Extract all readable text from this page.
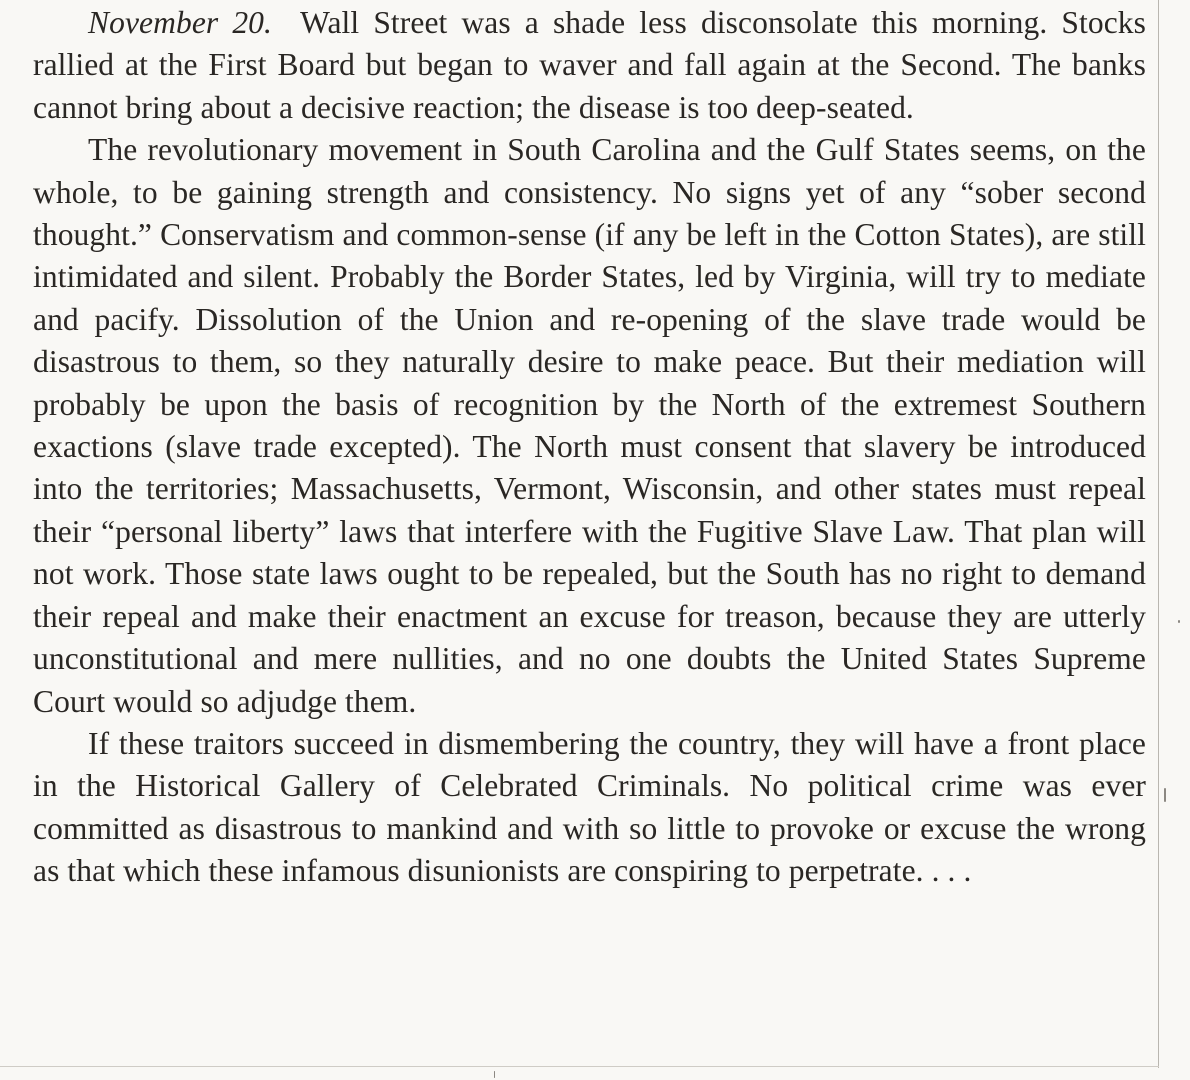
November 20. Wall Street was a shade less disconsolate this morning. Stocks rallied at the First Board but began to waver and fall again at the Second. The banks cannot bring about a decisive reaction; the disease is too deep-seated.

The revolutionary movement in South Carolina and the Gulf States seems, on the whole, to be gaining strength and consistency. No signs yet of any “sober second thought.” Conservatism and common-sense (if any be left in the Cotton States), are still intimidated and silent. Probably the Border States, led by Virginia, will try to mediate and pacify. Dissolution of the Union and re-opening of the slave trade would be disastrous to them, so they naturally desire to make peace. But their mediation will probably be upon the basis of recognition by the North of the extremest Southern exactions (slave trade excepted). The North must consent that slavery be introduced into the territories; Massachusetts, Vermont, Wisconsin, and other states must repeal their “personal liberty” laws that interfere with the Fugitive Slave Law. That plan will not work. Those state laws ought to be repealed, but the South has no right to demand their repeal and make their enactment an excuse for treason, because they are utterly unconstitutional and mere nullities, and no one doubts the United States Supreme Court would so adjudge them.

If these traitors succeed in dismembering the country, they will have a front place in the Historical Gallery of Celebrated Criminals. No political crime was ever committed as disastrous to mankind and with so little to provoke or excuse the wrong as that which these infamous disunionists are conspiring to perpetrate. . . .
